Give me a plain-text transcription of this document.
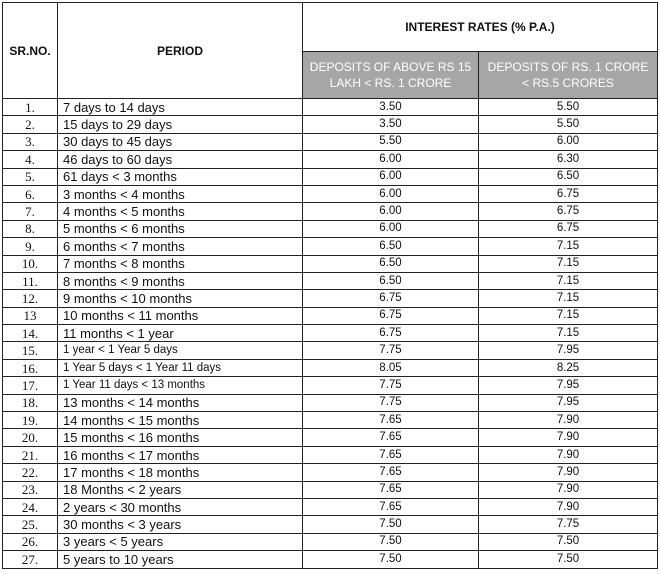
SR.NO.	PERIOD	INTEREST RATES (% P.A.)	
		DEPOSITS OF ABOVE RS 15 LAKH < RS. 1 CRORE	DEPOSITS OF RS. 1 CRORE < RS.5 CRORES
1.	7 days to 14 days	3.50	5.50
2.	15 days to 29 days	3.50	5.50
3.	30 days to 45 days	5.50	6.00
4.	46 days to 60 days	6.00	6.30
5.	61 days < 3 months	6.00	6.50
6.	3 months < 4 months	6.00	6.75
7.	4 months < 5 months	6.00	6.75
8.	5 months < 6 months	6.00	6.75
9.	6 months < 7 months	6.50	7.15
10.	7 months < 8 months	6.50	7.15
11.	8 months < 9 months	6.50	7.15
12.	9 months < 10 months	6.75	7.15
13	10 months < 11 months	6.75	7.15
14.	11 months < 1 year	6.75	7.15
15.	1 year < 1 Year 5 days	7.75	7.95
16.	1 Year 5 days < 1 Year 11 days	8.05	8.25
17.	1 Year 11 days < 13 months	7.75	7.95
18.	13 months < 14 months	7.75	7.95
19.	14 months < 15 months	7.65	7.90
20.	15 months < 16 months	7.65	7.90
21.	16 months < 17 months	7.65	7.90
22.	17 months < 18 months	7.65	7.90
23.	18 Months < 2 years	7.65	7.90
24.	2 years < 30 months	7.65	7.90
25.	30 months < 3 years	7.50	7.75
26.	3 years < 5 years	7.50	7.50
27.	5 years to 10 years	7.50	7.50
